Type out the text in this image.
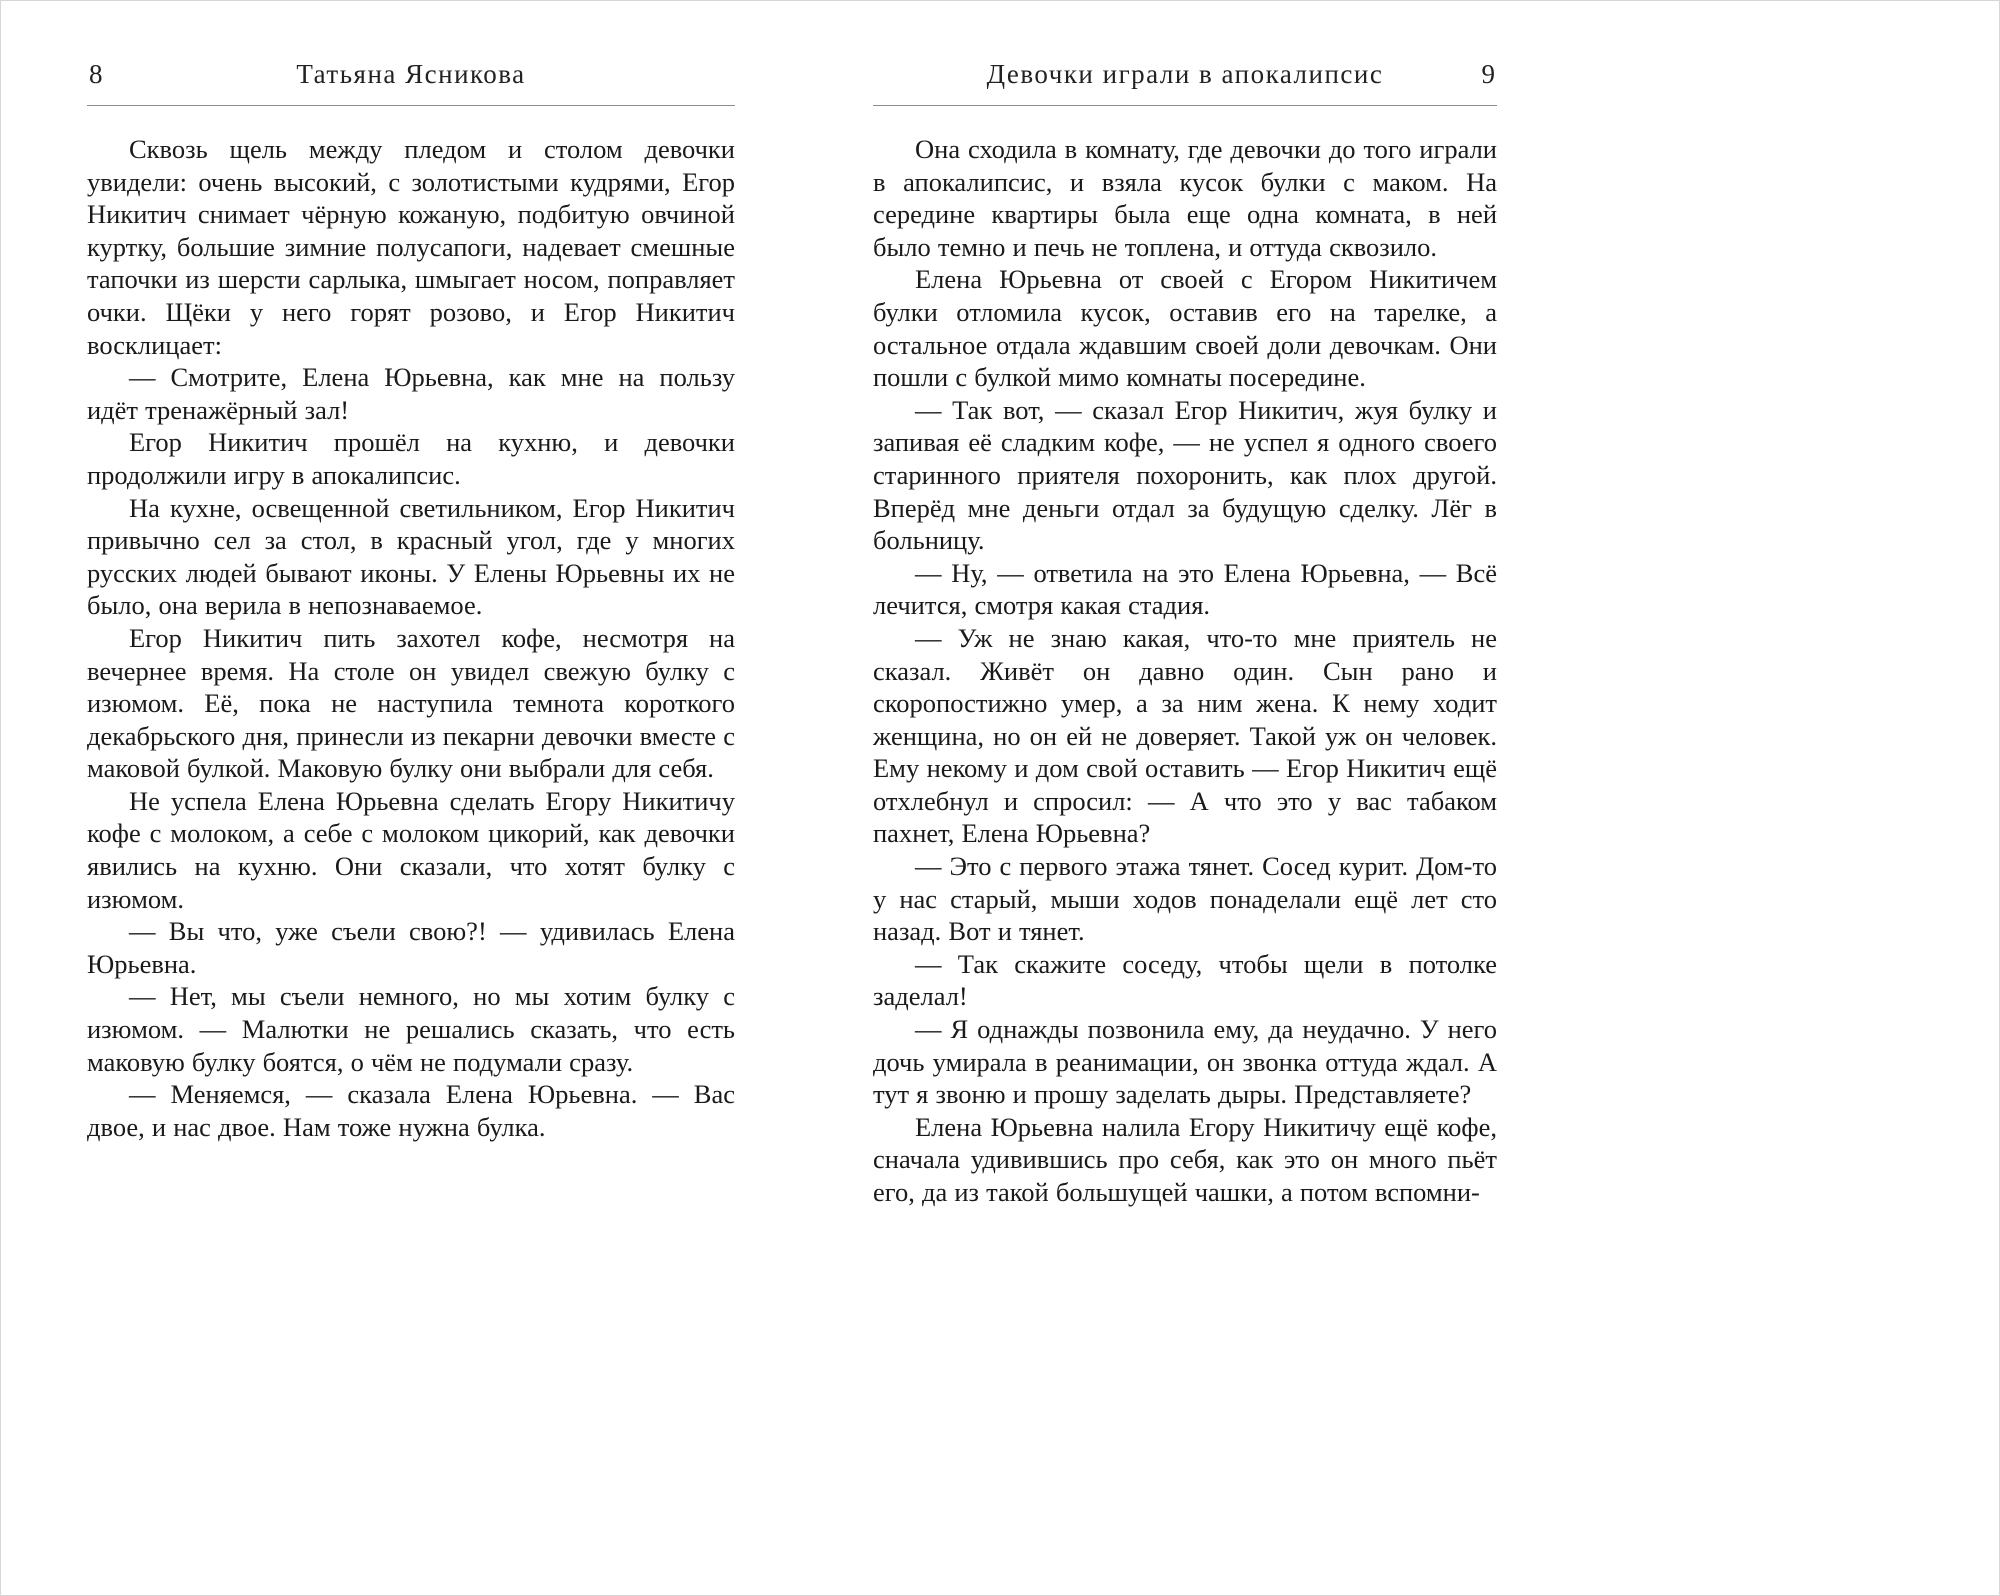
8	Татьяна Ясникова

Сквозь щель между пледом и столом девочки увидели: очень высокий, с золотистыми кудрями, Егор Никитич снимает чёрную кожаную, подбитую овчиной куртку, большие зимние полусапоги, надевает смешные тапочки из шерсти сарлыка, шмыгает носом, поправляет очки. Щёки у него горят розово, и Егор Никитич восклицает:

— Смотрите, Елена Юрьевна, как мне на пользу идёт тренажёрный зал!

Егор Никитич прошёл на кухню, и девочки продолжили игру в апокалипсис.

На кухне, освещенной светильником, Егор Никитич привычно сел за стол, в красный угол, где у многих русских людей бывают иконы. У Елены Юрьевны их не было, она верила в непознаваемое.

Егор Никитич пить захотел кофе, несмотря на вечернее время. На столе он увидел свежую булку с изюмом. Её, пока не наступила темнота короткого декабрьского дня, принесли из пекарни девочки вместе с маковой булкой. Маковую булку они выбрали для себя.

Не успела Елена Юрьевна сделать Егору Никитичу кофе с молоком, а себе с молоком цикорий, как девочки явились на кухню. Они сказали, что хотят булку с изюмом.

— Вы что, уже съели свою?! — удивилась Елена Юрьевна.

— Нет, мы съели немного, но мы хотим булку с изюмом. — Малютки не решались сказать, что есть маковую булку боятся, о чём не подумали сразу.

— Меняемся, — сказала Елена Юрьевна. — Вас двое, и нас двое. Нам тоже нужна булка.

9
Девочки играли в апокалипсис

Она сходила в комнату, где девочки до того играли в апокалипсис, и взяла кусок булки с маком. На середине квартиры была еще одна комната, в ней было темно и печь не топлена, и оттуда сквозило.

Елена Юрьевна от своей с Егором Никитичем булки отломила кусок, оставив его на тарелке, а остальное отдала ждавшим своей доли девочкам. Они пошли с булкой мимо комнаты посередине.

— Так вот, — сказал Егор Никитич, жуя булку и запивая её сладким кофе, — не успел я одного своего старинного приятеля похоронить, как плох другой. Вперёд мне деньги отдал за будущую сделку. Лёг в больницу.

— Ну, — ответила на это Елена Юрьевна, — Всё лечится, смотря какая стадия.

— Уж не знаю какая, что-то мне приятель не сказал. Живёт он давно один. Сын рано и скоропостижно умер, а за ним жена. К нему ходит женщина, но он ей не доверяет. Такой уж он человек. Ему некому и дом свой оставить — Егор Никитич ещё отхлебнул и спросил: — А что это у вас табаком пахнет, Елена Юрьевна?

— Это с первого этажа тянет. Сосед курит. Дом-то у нас старый, мыши ходов понаделали ещё лет сто назад. Вот и тянет.

— Так скажите соседу, чтобы щели в потолке заделал!

— Я однажды позвонила ему, да неудачно. У него дочь умирала в реанимации, он звонка оттуда ждал. А тут я звоню и прошу заделать дыры. Представляете?

Елена Юрьевна налила Егору Никитичу ещё кофе, сначала удивившись про себя, как это он много пьёт его, да из такой большущей чашки, а потом вспомни-
